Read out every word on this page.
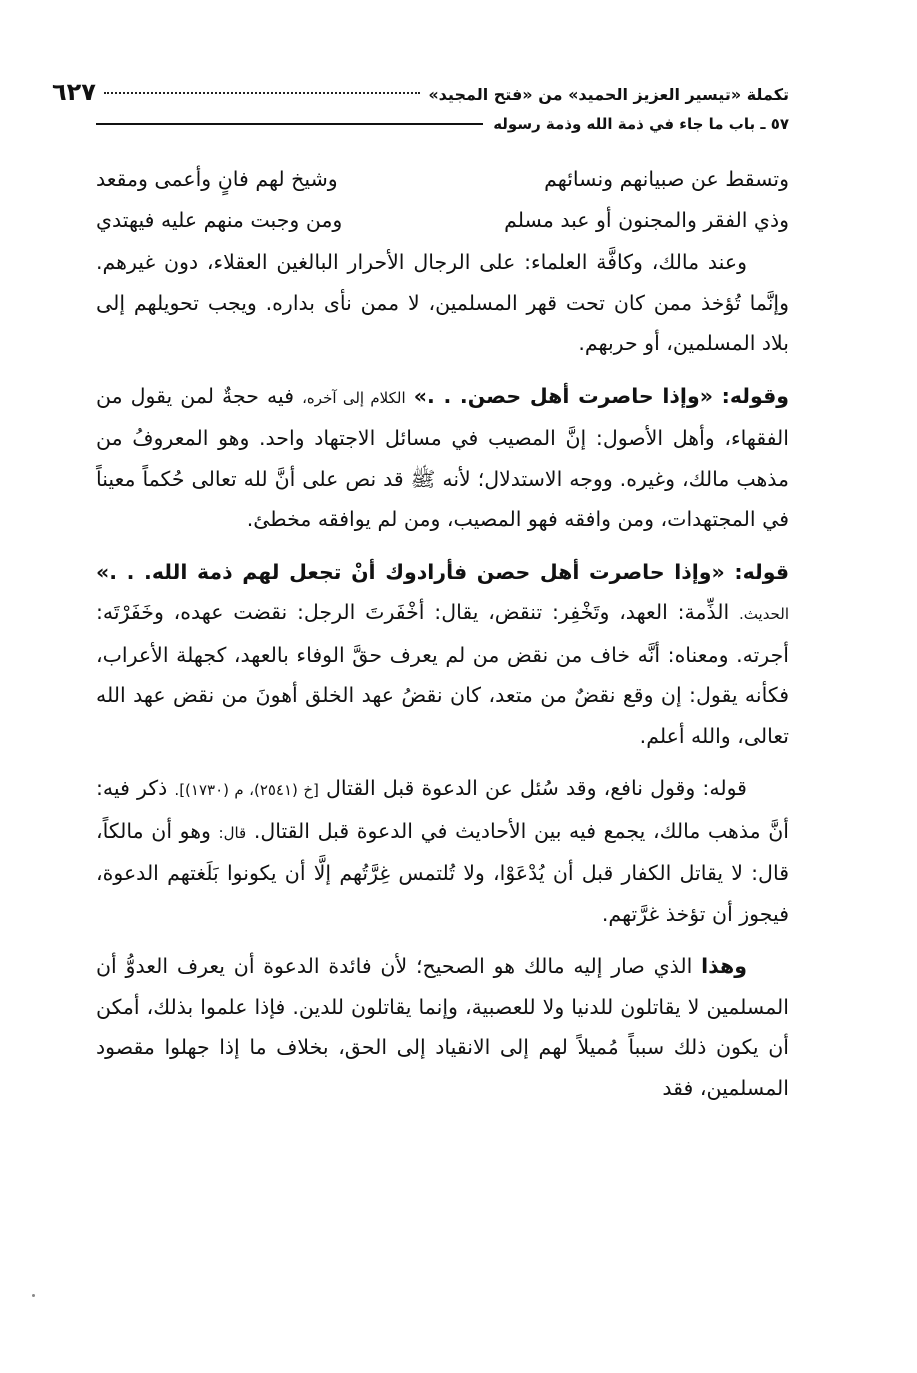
تكملة «تيسير العزيز الحميد» من «فتح المجيد»
٦٢٧
٥٧ ـ باب ما جاء في ذمة الله وذمة رسوله
وتسقط عن صبيانهم ونسائهم
وشيخ لهم فانٍ وأعمى ومقعد
وذي الفقر والمجنون أو عبد مسلم
ومن وجبت منهم عليه فيهتدي

وعند مالك، وكافَّة العلماء: على الرجال الأحرار البالغين العقلاء، دون غيرهم. وإنَّما تُؤخذ ممن كان تحت قهر المسلمين، لا ممن نأى بداره. ويجب تحويلهم إلى بلاد المسلمين، أو حربهم.

وقوله: «وإذا حاصرت أهل حصن. . .» الكلام إلى آخره، فيه حجةٌ لمن يقول من الفقهاء، وأهل الأصول: إنَّ المصيب في مسائل الاجتهاد واحد. وهو المعروفُ من مذهب مالك، وغيره. ووجه الاستدلال؛ لأنه ﷺ قد نص على أنَّ لله تعالى حُكماً معيناً في المجتهدات، ومن وافقه فهو المصيب، ومن لم يوافقه مخطئ.

قوله: «وإذا حاصرت أهل حصن فأرادوك أنْ تجعل لهم ذمة الله. . .» الحديث. الذِّمة: العهد، وتَخْفِر: تنقض، يقال: أخْفَرتَ الرجل: نقضت عهده، وخَفَرْتَه: أجرته. ومعناه: أنَّه خاف من نقض من لم يعرف حقَّ الوفاء بالعهد، كجهلة الأعراب، فكأنه يقول: إن وقع نقضٌ من متعد، كان نقضُ عهد الخلق أهونَ من نقض عهد الله تعالى، والله أعلم.

قوله: وقول نافع، وقد سُئل عن الدعوة قبل القتال [خ (٢٥٤١)، م (١٧٣٠)]. ذكر فيه: أنَّ مذهب مالك، يجمع فيه بين الأحاديث في الدعوة قبل القتال. قال: وهو أن مالكاً، قال: لا يقاتل الكفار قبل أن يُدْعَوْا، ولا تُلتمس غِرَّتُهم إلَّا أن يكونوا بَلَغتهم الدعوة، فيجوز أن تؤخذ غرَّتهم.

وهذا الذي صار إليه مالك هو الصحيح؛ لأن فائدة الدعوة أن يعرف العدوُّ أن المسلمين لا يقاتلون للدنيا ولا للعصبية، وإنما يقاتلون للدين. فإذا علموا بذلك، أمكن أن يكون ذلك سبباً مُميلاً لهم إلى الانقياد إلى الحق، بخلاف ما إذا جهلوا مقصود المسلمين، فقد
